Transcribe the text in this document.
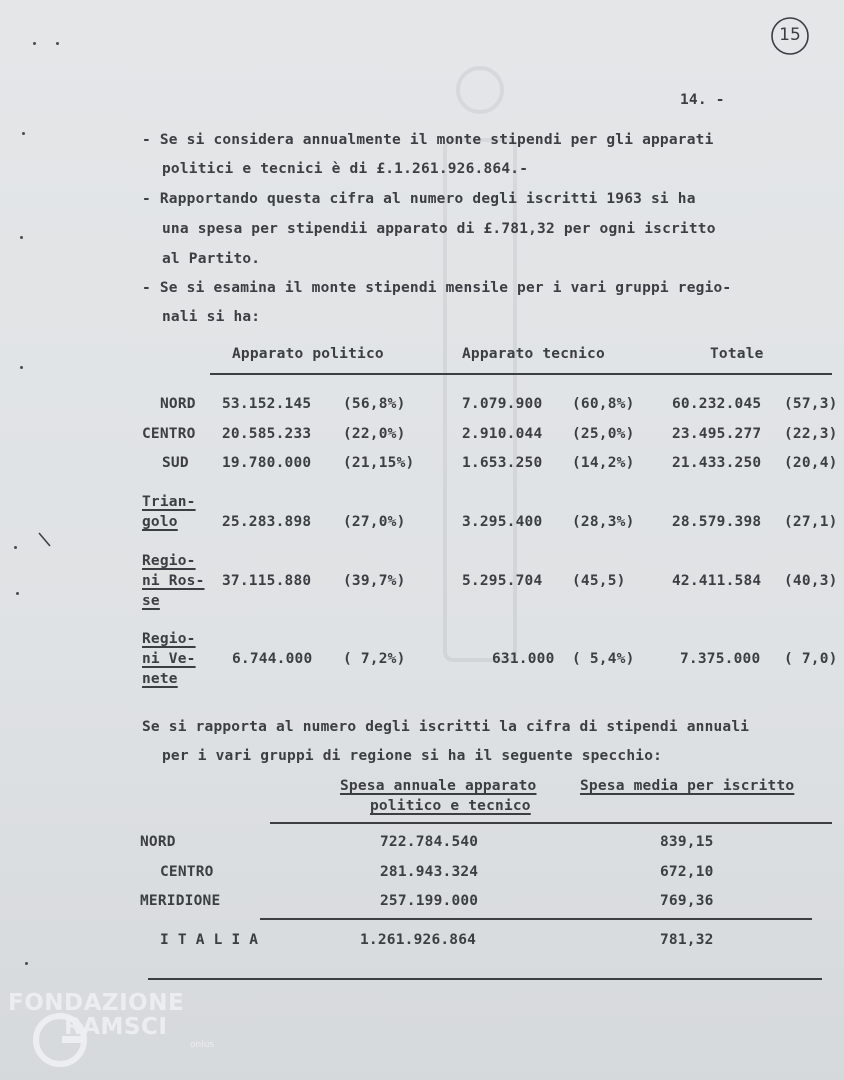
15
14. -
- Se si considera annualmente il monte stipendi per gli apparati
politici e tecnici è di £.1.261.926.864.-
- Rapportando questa cifra al numero degli iscritti 1963 si ha
una spesa per stipendii apparato di £.781,32 per ogni iscritto
al Partito.
- Se si esamina il monte stipendi mensile per i vari gruppi regio-
nali si ha:
Apparato politico	Apparato tecnico	Totale
NORD 53.152.145 (56,8%)	7.079.900 (60,8%)	60.232.045 (57,3)
CENTRO 20.585.233 (22,0%)	2.910.044 (25,0%)	23.495.277 (22,3)
SUD 19.780.000 (21,15%)	1.653.250 (14,2%)	21.433.250 (20,4)
Trian-
golo	25.283.898 (27,0%)	3.295.400 (28,3%)	28.579.398 (27,1)
Regio-
ni Ros-
se
37.115.880 (39,7%)	5.295.704 (45,5)	42.411.584 (40,3)
Regio-
ni Ve-
nete
6.744.000 ( 7,2%)	631.000 ( 5,4%)	7.375.000 ( 7,0)
Se si rapporta al numero degli iscritti la cifra di stipendi annuali
per i vari gruppi di regione si ha il seguente specchio:
Spesa annuale apparato
politico e tecnico
Spesa media per iscritto
NORD	722.784.540	839,15
CENTRO	281.943.324	672,10
MERIDIONE	257.199.000	769,36
I T A L I A	1.261.926.864	781,32
FONDAZIONE
RAMSCI
onlus
